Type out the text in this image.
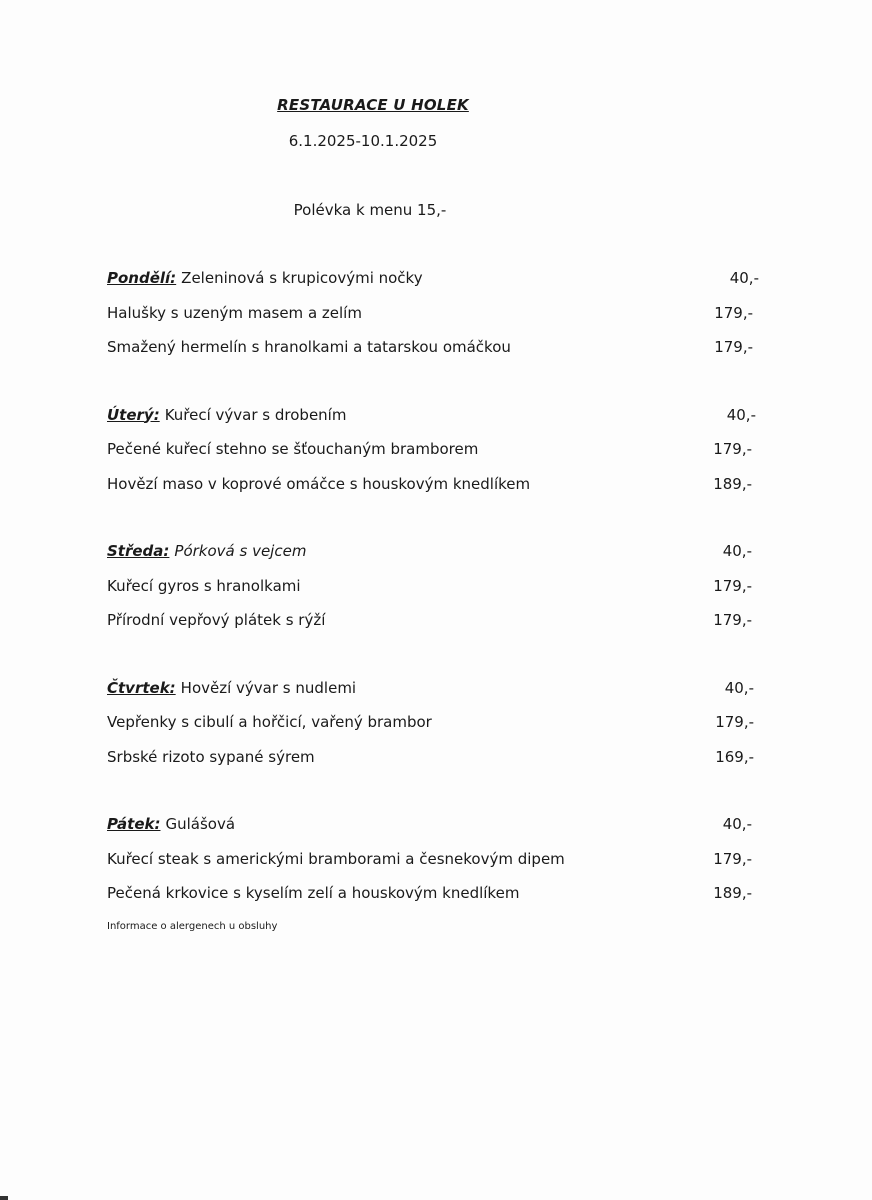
RESTAURACE U HOLEK
6.1.2025-10.1.2025
Polévka k menu 15,-
Pondělí: Zeleninová s krupicovými nočky	40,-
Halušky s uzeným masem a zelím	179,-
Smažený hermelín s hranolkami a tatarskou omáčkou	179,-
Úterý: Kuřecí vývar s drobením	40,-
Pečené kuřecí stehno se šťouchaným bramborem	179,-
Hovězí maso v koprové omáčce s houskovým knedlíkem	189,-
Středa: Pórková s vejcem	40,-
Kuřecí gyros s hranolkami	179,-
Přírodní vepřový plátek s rýží	179,-
Čtvrtek: Hovězí vývar s nudlemi	40,-
Vepřenky s cibulí a hořčicí, vařený brambor	179,-
Srbské rizoto sypané sýrem	169,-
Pátek: Gulášová	40,-
Kuřecí steak s americkými bramborami a česnekovým dipem	179,-
Pečená krkovice s kyselím zelí a houskovým knedlíkem	189,-
Informace o alergenech u obsluhy
